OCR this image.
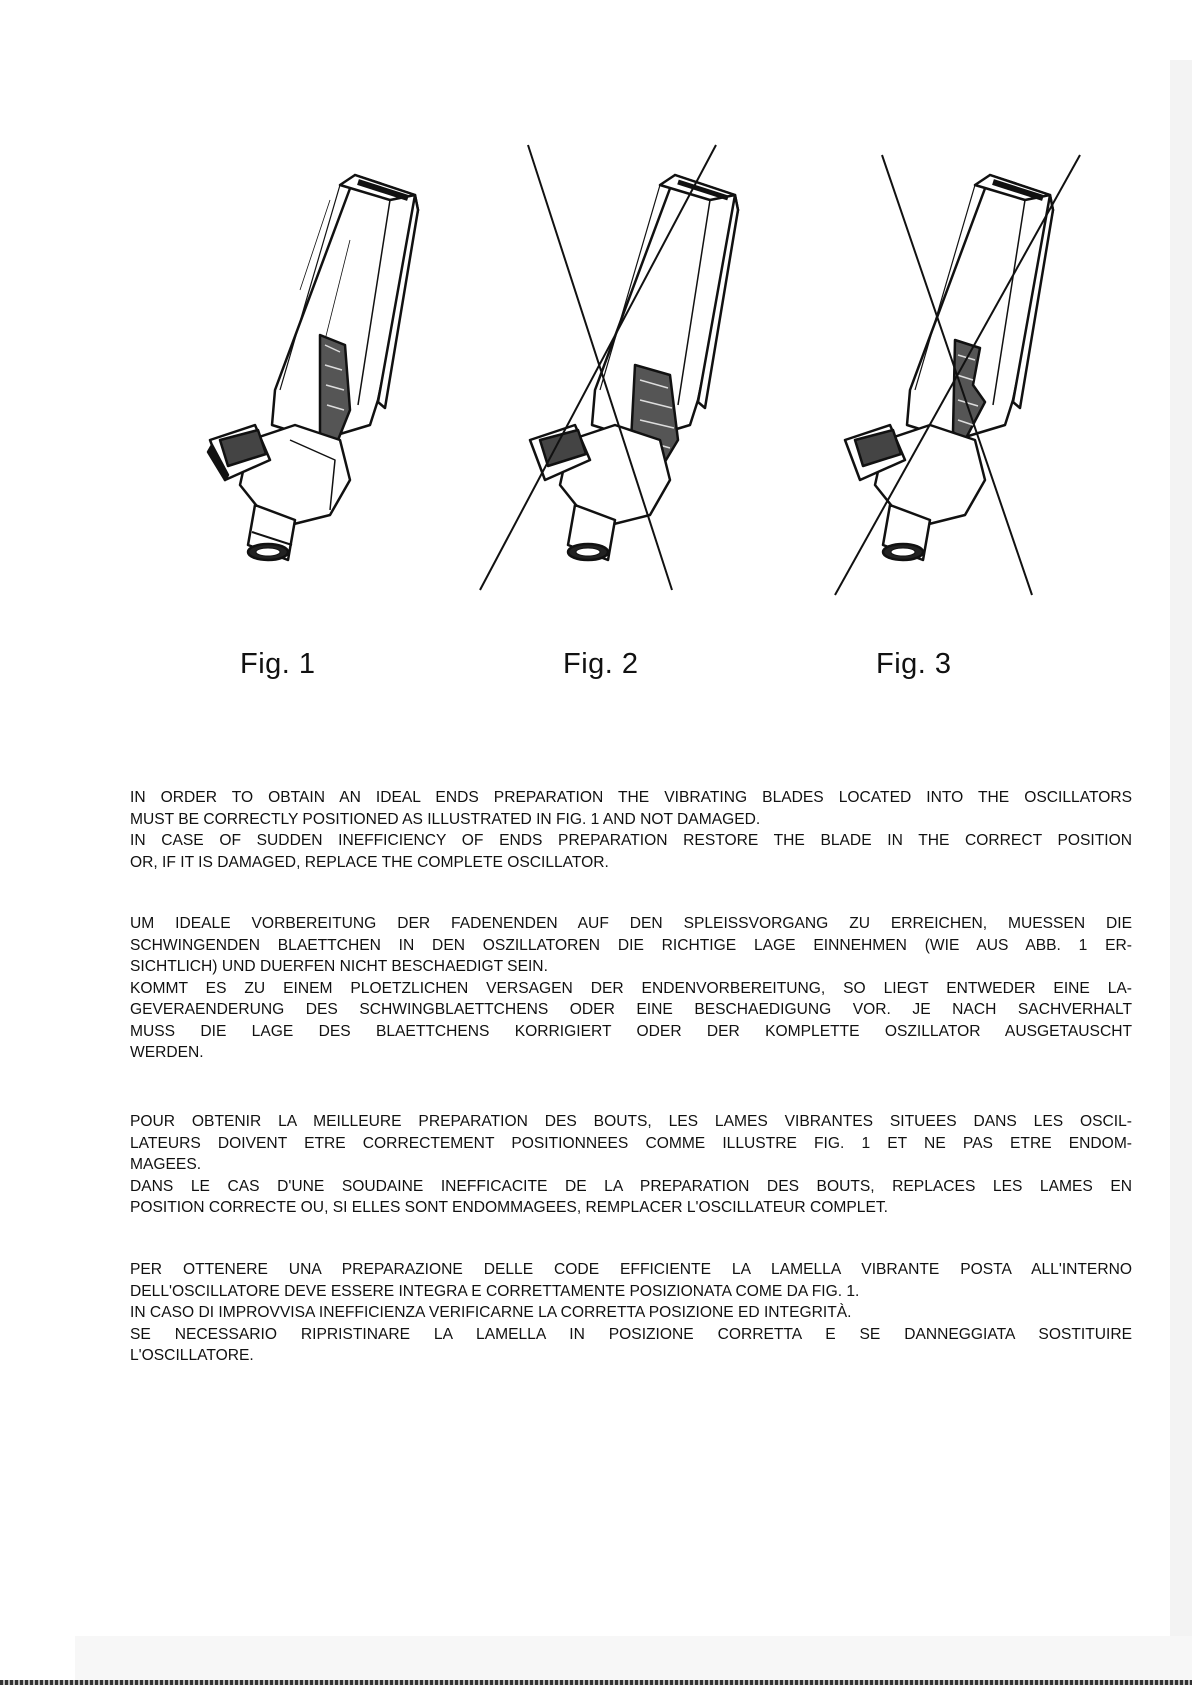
Fig. 1	Fig. 2	Fig. 3
IN ORDER TO OBTAIN AN IDEAL ENDS PREPARATION THE VIBRATING BLADES LOCATED INTO THE OSCILLATORS
MUST BE CORRECTLY POSITIONED AS ILLUSTRATED IN FIG. 1 AND NOT DAMAGED.
IN CASE OF SUDDEN INEFFICIENCY OF ENDS PREPARATION RESTORE THE BLADE IN THE CORRECT POSITION
OR, IF IT IS DAMAGED, REPLACE THE COMPLETE OSCILLATOR.
UM IDEALE VORBEREITUNG DER FADENENDEN AUF DEN SPLEISSVORGANG ZU ERREICHEN, MUESSEN DIE
SCHWINGENDEN BLAETTCHEN IN DEN OSZILLATOREN DIE RICHTIGE LAGE EINNEHMEN (WIE AUS ABB. 1 ER-
SICHTLICH) UND DUERFEN NICHT BESCHAEDIGT SEIN.
KOMMT ES ZU EINEM PLOETZLICHEN VERSAGEN DER ENDENVORBEREITUNG, SO LIEGT ENTWEDER EINE LA-
GEVERAENDERUNG DES SCHWINGBLAETTCHENS ODER EINE BESCHAEDIGUNG VOR. JE NACH SACHVERHALT
MUSS DIE LAGE DES BLAETTCHENS KORRIGIERT ODER DER KOMPLETTE OSZILLATOR AUSGETAUSCHT
WERDEN.
POUR OBTENIR LA MEILLEURE PREPARATION DES BOUTS, LES LAMES VIBRANTES SITUEES DANS LES OSCIL-
LATEURS DOIVENT ETRE CORRECTEMENT POSITIONNEES COMME ILLUSTRE FIG. 1 ET NE PAS ETRE ENDOM-
MAGEES.
DANS LE CAS D'UNE SOUDAINE INEFFICACITE DE LA PREPARATION DES BOUTS, REPLACES LES LAMES EN
POSITION CORRECTE OU, SI ELLES SONT ENDOMMAGEES, REMPLACER L'OSCILLATEUR COMPLET.
PER OTTENERE UNA PREPARAZIONE DELLE CODE EFFICIENTE LA LAMELLA VIBRANTE POSTA ALL'INTERNO
DELL'OSCILLATORE DEVE ESSERE INTEGRA E CORRETTAMENTE POSIZIONATA COME DA FIG. 1.
IN CASO DI IMPROVVISA INEFFICIENZA VERIFICARNE LA CORRETTA POSIZIONE ED INTEGRITÀ.
SE NECESSARIO RIPRISTINARE LA LAMELLA IN POSIZIONE CORRETTA E SE DANNEGGIATA SOSTITUIRE
L'OSCILLATORE.
